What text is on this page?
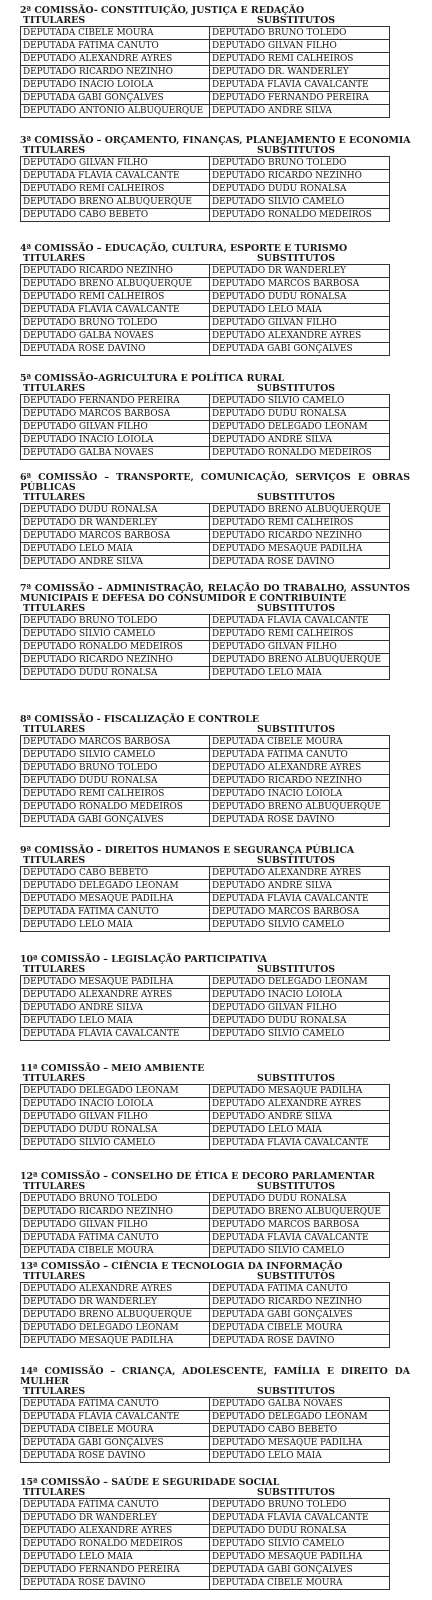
2ª COMISSÃO- CONSTITUIÇÃO, JUSTIÇA E REDAÇÃO
TITULARES	SUBSTITUTOS
DEPUTADA CIBELE MOURA	DEPUTADO BRUNO TOLEDO
DEPUTADA FÁTIMA CANUTO	DEPUTADO GILVAN FILHO
DEPUTADO ALEXANDRE AYRES	DEPUTADO REMI CALHEIROS
DEPUTADO RICARDO NEZINHO	DEPUTADO DR. WANDERLEY
DEPUTADO INÁCIO LOIOLA	DEPUTADA FLÁVIA CAVALCANTE
DEPUTADA GABI GONÇALVES	DEPUTADO FERNANDO PEREIRA
DEPUTADO ANTÔNIO ALBUQUERQUE	DEPUTADO ANDRÉ SILVA
3ª COMISSÃO – ORÇAMENTO, FINANÇAS, PLANEJAMENTO E ECONOMIA
TITULARES	SUBSTITUTOS
DEPUTADO GILVAN FILHO	DEPUTADO BRUNO TOLEDO
DEPUTADA FLÁVIA CAVALCANTE	DEPUTADO RICARDO NEZINHO
DEPUTADO REMI CALHEIROS	DEPUTADO DUDU RONALSA
DEPUTADO BRENO ALBUQUERQUE	DEPUTADO SÍLVIO CAMELO
DEPUTADO CABO BEBETO	DEPUTADO RONALDO MEDEIROS
4ª COMISSÃO – EDUCAÇÃO, CULTURA, ESPORTE E TURISMO
TITULARES	SUBSTITUTOS
DEPUTADO RICARDO NEZINHO	DEPUTADO DR WANDERLEY
DEPUTADO BRENO ALBUQUERQUE	DEPUTADO MARCOS BARBOSA
DEPUTADO REMI CALHEIROS	DEPUTADO DUDU RONALSA
DEPUTADA FLÁVIA CAVALCANTE	DEPUTADO LELO MAIA
DEPUTADO BRUNO TOLEDO	DEPUTADO GILVAN FILHO
DEPUTADO GALBA NOVAES	DEPUTADO ALEXANDRE AYRES
DEPUTADA ROSE DAVINO	DEPUTADA GABI GONÇALVES
5ª COMISSÃO–AGRICULTURA E POLÍTICA RURAL
TITULARES	SUBSTITUTOS
DEPUTADO FERNANDO PEREIRA	DEPUTADO SÍLVIO CAMELO
DEPUTADO MARCOS BARBOSA	DEPUTADO DUDU RONALSA
DEPUTADO GILVAN FILHO	DEPUTADO DELEGADO LEONAM
DEPUTADO INÁCIO LOIOLA	DEPUTADO ANDRÉ SILVA
DEPUTADO GALBA NOVAES	DEPUTADO RONALDO MEDEIROS
6ª COMISSÃO – TRANSPORTE, COMUNICAÇÃO, SERVIÇOS E OBRAS PÚBLICAS
TITULARES	SUBSTITUTOS
DEPUTADO DUDU RONALSA	DEPUTADO BRENO ALBUQUERQUE
DEPUTADO DR WANDERLEY	DEPUTADO REMI CALHEIROS
DEPUTADO MARCOS BARBOSA	DEPUTADO RICARDO NEZINHO
DEPUTADO LELO MAIA	DEPUTADO MESAQUE PADILHA
DEPUTADO ANDRÉ SILVA	DEPUTADA ROSE DAVINO
7ª COMISSÃO – ADMINISTRAÇÃO, RELAÇÃO DO TRABALHO, ASSUNTOS MUNICIPAIS E DEFESA DO CONSUMIDOR E CONTRIBUINTE
TITULARES	SUBSTITUTOS
DEPUTADO BRUNO TOLEDO	DEPUTADA FLÁVIA CAVALCANTE
DEPUTADO SÍLVIO CAMELO	DEPUTADO REMI CALHEIROS
DEPUTADO RONALDO MEDEIROS	DEPUTADO GILVAN FILHO
DEPUTADO RICARDO NEZINHO	DEPUTADO BRENO ALBUQUERQUE
DEPUTADO DUDU RONALSA	DEPUTADO LELO MAIA
8ª COMISSÃO - FISCALIZAÇÃO E CONTROLE
TITULARES	SUBSTITUTOS
DEPUTADO MARCOS BARBOSA	DEPUTADA CIBELE MOURA
DEPUTADO SILVIO CAMELO	DEPUTADA FÁTIMA CANUTO
DEPUTADO BRUNO TOLEDO	DEPUTADO ALEXANDRE AYRES
DEPUTADO DUDU RONALSA	DEPUTADO RICARDO NEZINHO
DEPUTADO REMI CALHEIROS	DEPUTADO INÁCIO LOIOLA
DEPUTADO RONALDO MEDEIROS	DEPUTADO BRENO ALBUQUERQUE
DEPUTADA GABI GONÇALVES	DEPUTADA ROSE DAVINO
9ª COMISSÃO – DIREITOS HUMANOS E SEGURANÇA PÚBLICA
TITULARES	SUBSTITUTOS
DEPUTADO CABO BEBETO	DEPUTADO ALEXANDRE AYRES
DEPUTADO DELEGADO LEONAM	DEPUTADO ANDRÉ SILVA
DEPUTADO MESAQUE PADILHA	DEPUTADA FLÁVIA CAVALCANTE
DEPUTADA FÁTIMA CANUTO	DEPUTADO MARCOS BARBOSA
DEPUTADO LELO MAIA	DEPUTADO SÍLVIO CAMELO
10ª COMISSÃO – LEGISLAÇÃO PARTICIPATIVA
TITULARES	SUBSTITUTOS
DEPUTADO MESAQUE PADILHA	DEPUTADO DELEGADO LEONAM
DEPUTADO ALEXANDRE AYRES	DEPUTADO INÁCIO LOIOLA
DEPUTADO ANDRÉ SILVA	DEPUTADO GILVAN FILHO
DEPUTADO LELO MAIA	DEPUTADO DUDU RONALSA
DEPUTADA FLÁVIA CAVALCANTE	DEPUTADO SÍLVIO CAMELO
11ª COMISSÃO – MEIO AMBIENTE
TITULARES	SUBSTITUTOS
DEPUTADO DELEGADO LEONAM	DEPUTADO MESAQUE PADILHA
DEPUTADO INÁCIO LOIOLA	DEPUTADO ALEXANDRE AYRES
DEPUTADO GILVAN FILHO	DEPUTADO ANDRÉ SILVA
DEPUTADO DUDU RONALSA	DEPUTADO LELO MAIA
DEPUTADO SÍLVIO CAMELO	DEPUTADA FLÁVIA CAVALCANTE
12ª COMISSÃO – CONSELHO DE ÉTICA E DECORO PARLAMENTAR
TITULARES	SUBSTITUTOS
DEPUTADO BRUNO TOLEDO	DEPUTADO DUDU RONALSA
DEPUTADO RICARDO NEZINHO	DEPUTADO BRENO ALBUQUERQUE
DEPUTADO GILVAN FILHO	DEPUTADO MARCOS BARBOSA
DEPUTADA FÁTIMA CANUTO	DEPUTADA FLÁVIA CAVALCANTE
DEPUTADA CIBELE MOURA	DEPUTADO SÍLVIO CAMELO
13ª COMISSÃO – CIÊNCIA E TECNOLOGIA DA INFORMAÇÃO
TITULARES	SUBSTITUTOS
DEPUTADO ALEXANDRE AYRES	DEPUTADA FÁTIMA CANUTO
DEPUTADO DR WANDERLEY	DEPUTADO RICARDO NEZINHO
DEPUTADO BRENO ALBUQUERQUE	DEPUTADA GABI GONÇALVES
DEPUTADO DELEGADO LEONAM	DEPUTADA CIBELE MOURA
DEPUTADO MESAQUE PADILHA	DEPUTADA ROSE DAVINO
14ª COMISSÃO – CRIANÇA, ADOLESCENTE, FAMÍLIA E DIREITO DA MULHER
TITULARES	SUBSTITUTOS
DEPUTADA FÁTIMA CANUTO	DEPUTADO GALBA NOVAES
DEPUTADA FLÁVIA CAVALCANTE	DEPUTADO DELEGADO LEONAM
DEPUTADA CIBELE MOURA	DEPUTADO CABO BEBETO
DEPUTADA GABI GONÇALVES	DEPUTADO MESAQUE PADILHA
DEPUTADA ROSE DAVINO	DEPUTADO LELO MAIA
15ª COMISSÃO – SAÚDE E SEGURIDADE SOCIAL
TITULARES	SUBSTITUTOS
DEPUTADA FÁTIMA CANUTO	DEPUTADO BRUNO TOLEDO
DEPUTADO DR WANDERLEY	DEPUTADA FLÁVIA CAVALCANTE
DEPUTADO ALEXANDRE AYRES	DEPUTADO DUDU RONALSA
DEPUTADO RONALDO MEDEIROS	DEPUTADO SÍLVIO CAMELO
DEPUTADO LELO MAIA	DEPUTADO MESAQUE PADILHA
DEPUTADO FERNANDO PEREIRA	DEPUTADA GABI GONÇALVES
DEPUTADA ROSE DAVINO	DEPUTADA CIBELE MOURA
